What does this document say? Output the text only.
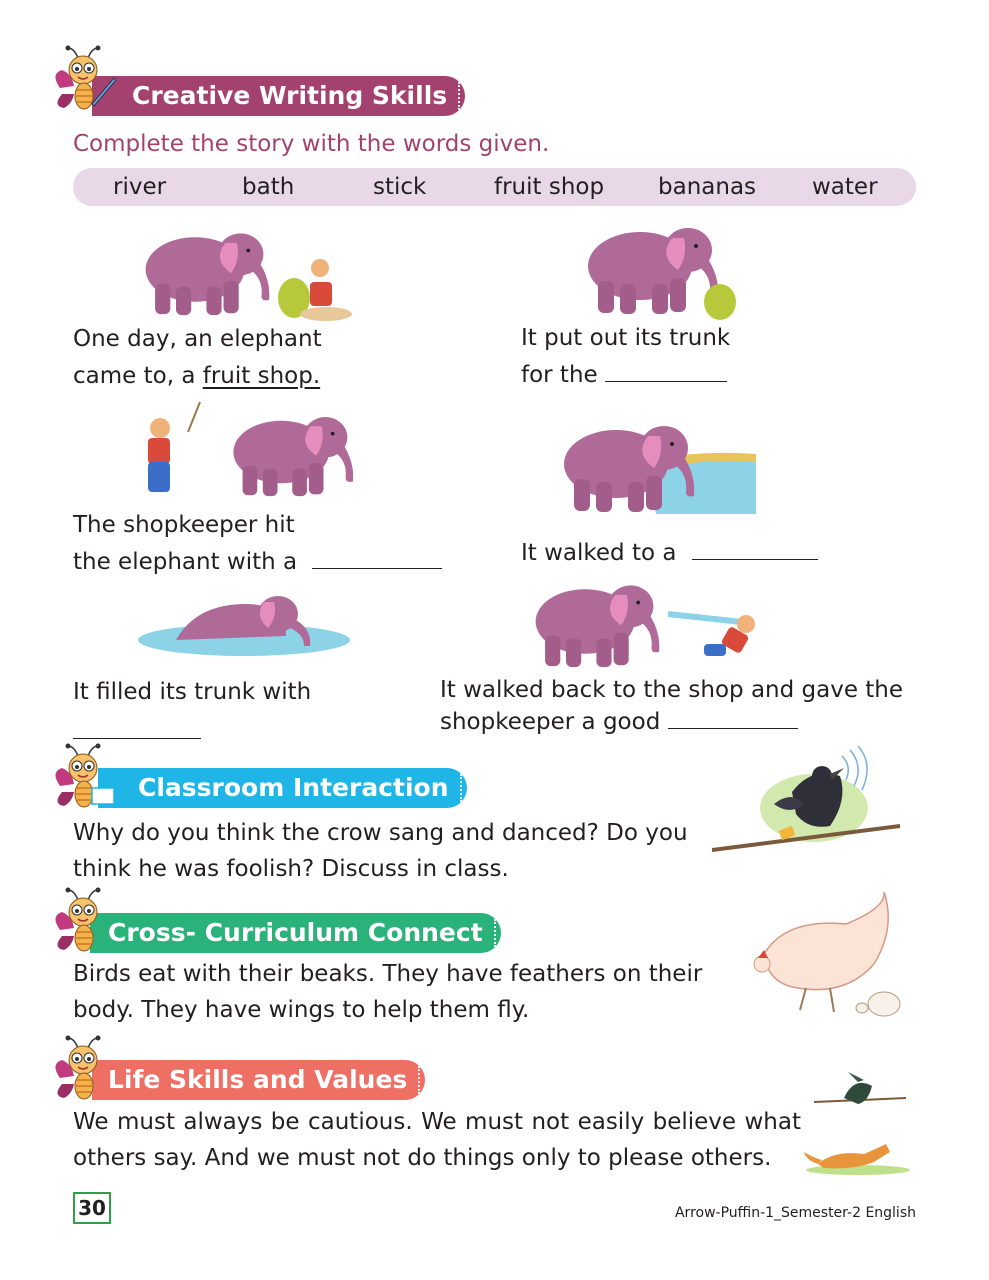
Creative Writing Skills
Complete the story with the words given.
river	bath	stick	fruit shop bananas water
One day, an elephant
came to, a fruit shop.
It put out its trunk
for the
The shopkeeper hit
the elephant with a	It walked to a
It filled its trunk with	It walked back to the shop and gave the
shopkeeper a good
Classroom Interaction
Why do you think the crow sang and danced? Do you
think he was foolish? Discuss in class.
Cross- Curriculum Connect
Birds eat with their beaks. They have feathers on their
body. They have wings to help them fly.
Life Skills and Values
We must always be cautious. We must not easily believe what
others say. And we must not do things only to please others.
30	Arrow-Puffin-1_Semester-2 English
